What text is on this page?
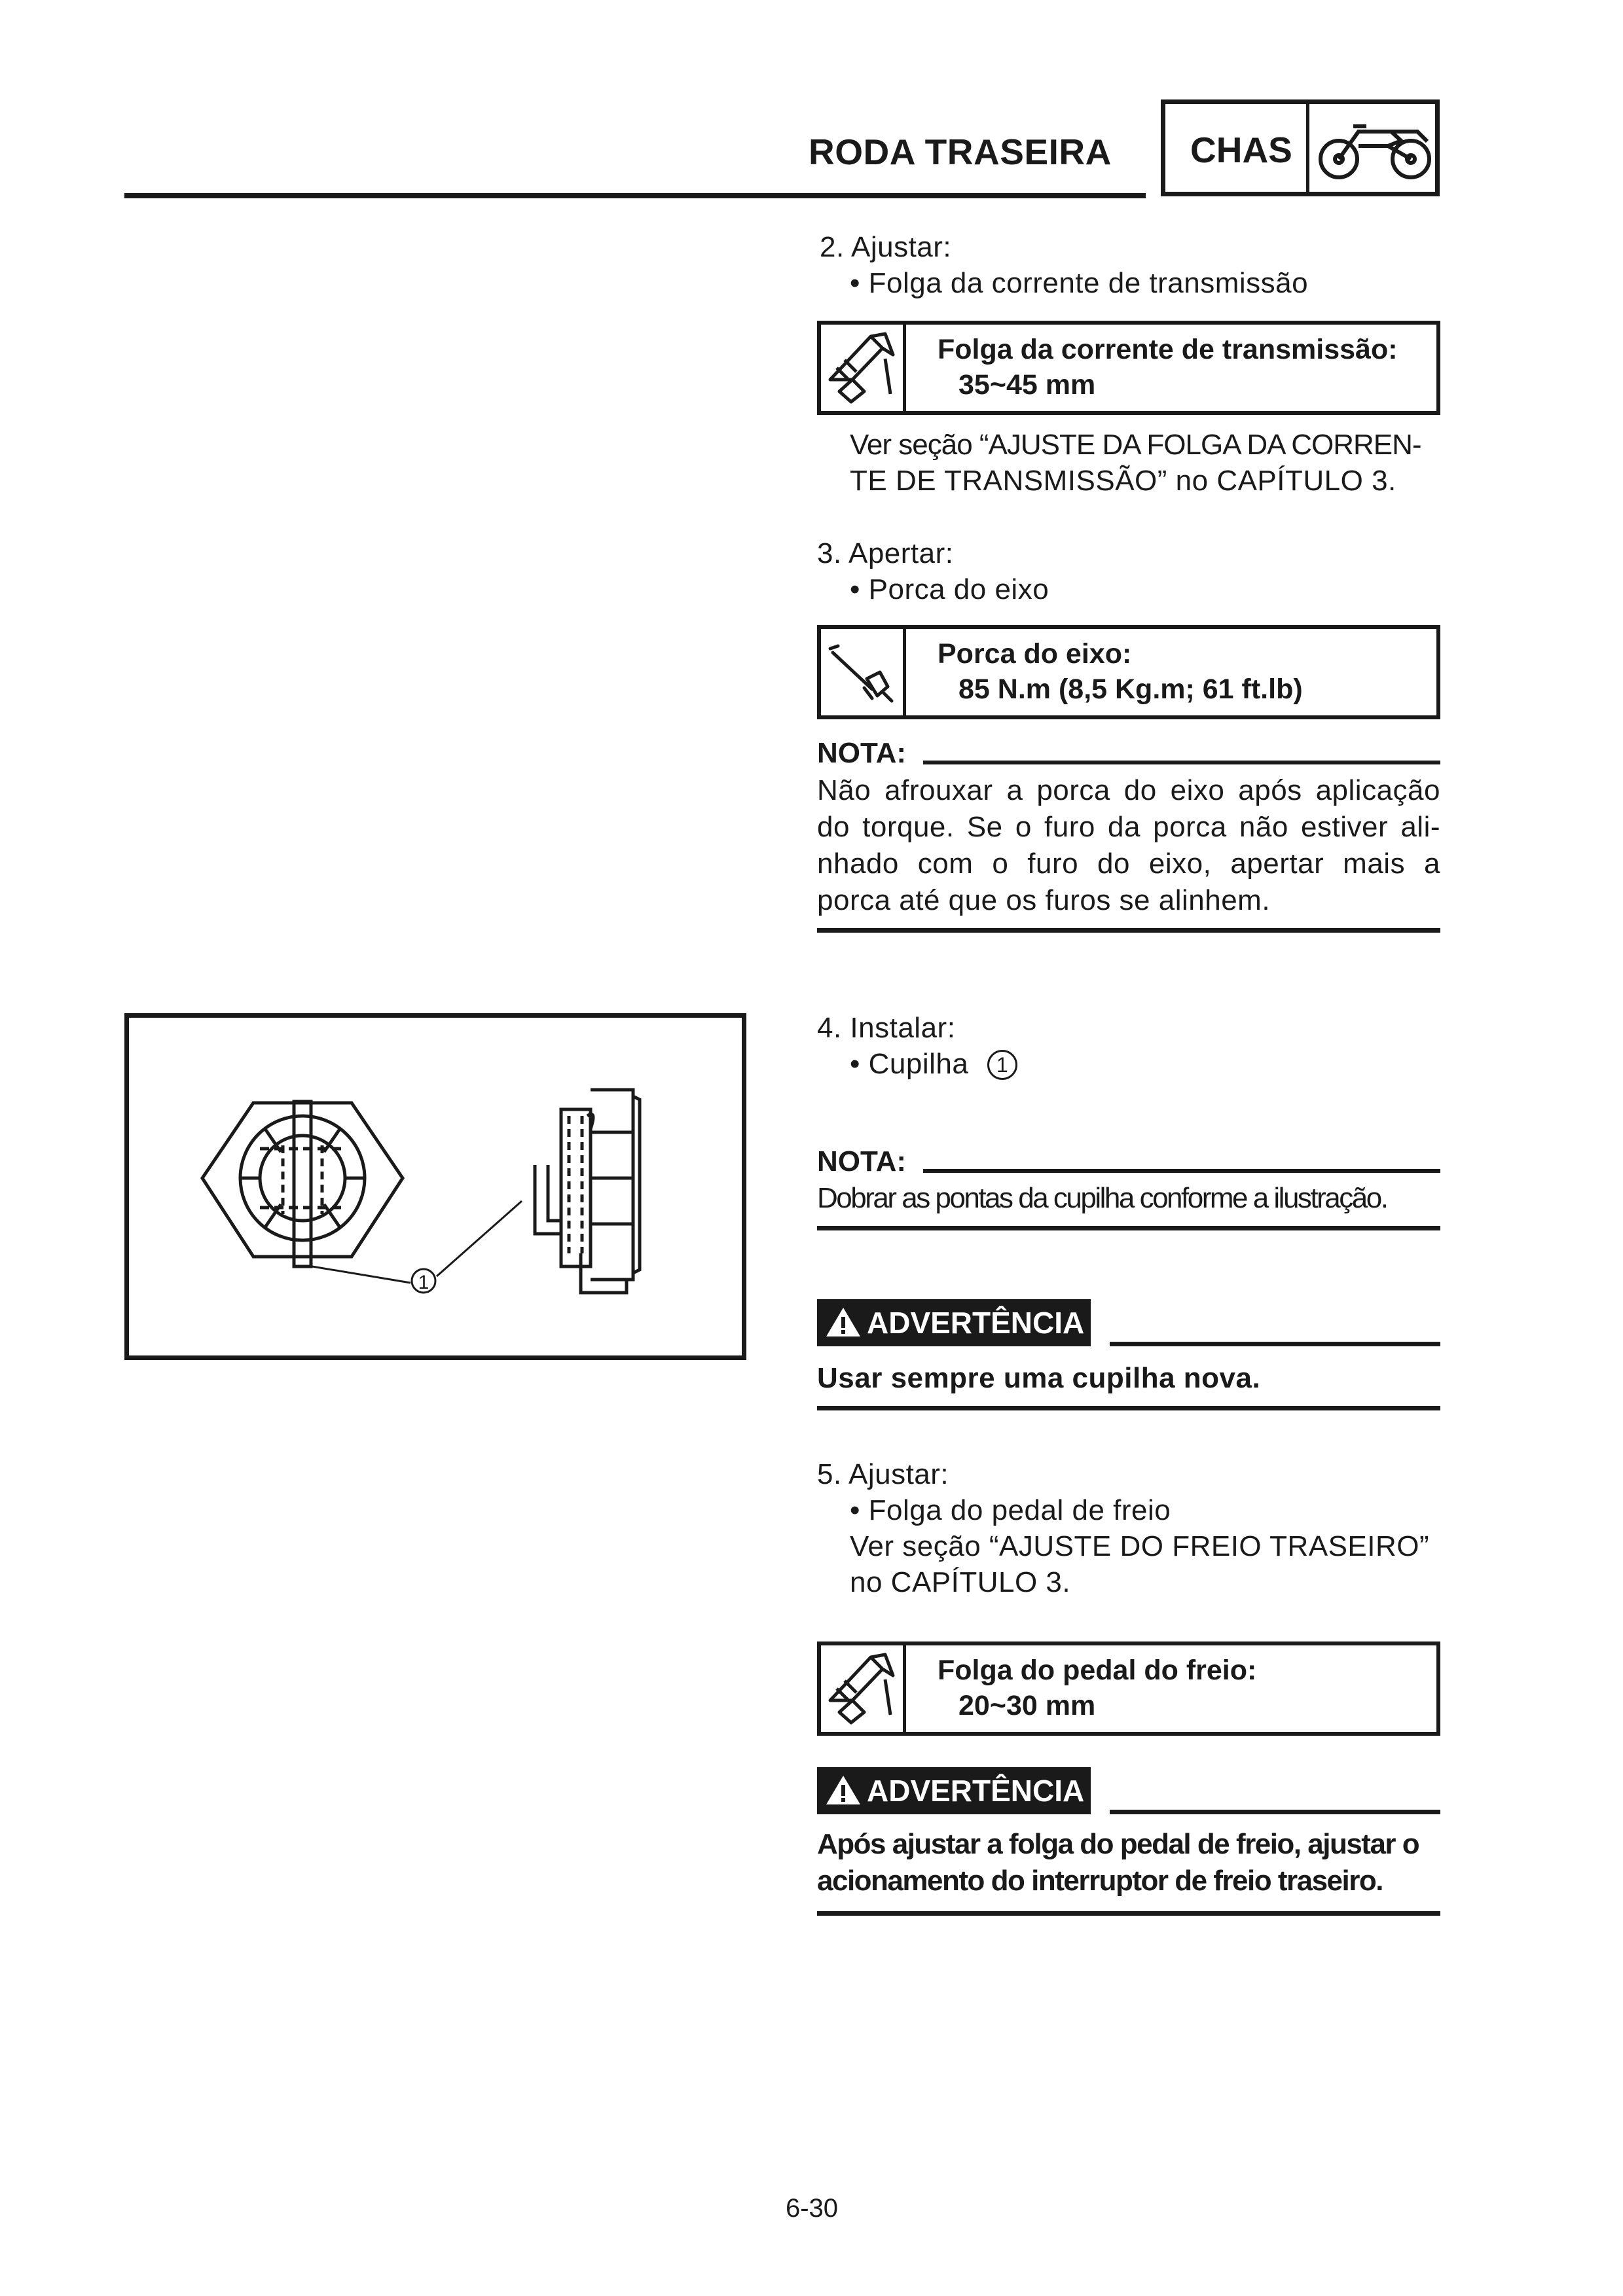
RODA TRASEIRA CHAS
2. Ajustar:
• Folga da corrente de transmissão
Folga da corrente de transmissão:
35~45 mm
Ver seção “AJUSTE DA FOLGA DA CORREN-
TE DE TRANSMISSÃO” no CAPÍTULO 3.
3. Apertar:
• Porca do eixo
Porca do eixo:
85 N.m (8,5 Kg.m; 61 ft.lb)
NOTA:
Não afrouxar a porca do eixo após aplicação
do torque. Se o furo da porca não estiver ali-
nhado com o furo do eixo, apertar mais a
porca até que os furos se alinhem.
1
4. Instalar:
• Cupilha 1
NOTA:
Dobrar as pontas da cupilha conforme a ilustração.
ADVERTÊNCIA
Usar sempre uma cupilha nova.
5. Ajustar:
• Folga do pedal de freio
Ver seção “AJUSTE DO FREIO TRASEIRO”
no CAPÍTULO 3.
Folga do pedal do freio:
20~30 mm
ADVERTÊNCIA
Após ajustar a folga do pedal de freio, ajustar o
acionamento do interruptor de freio traseiro.
6-30
